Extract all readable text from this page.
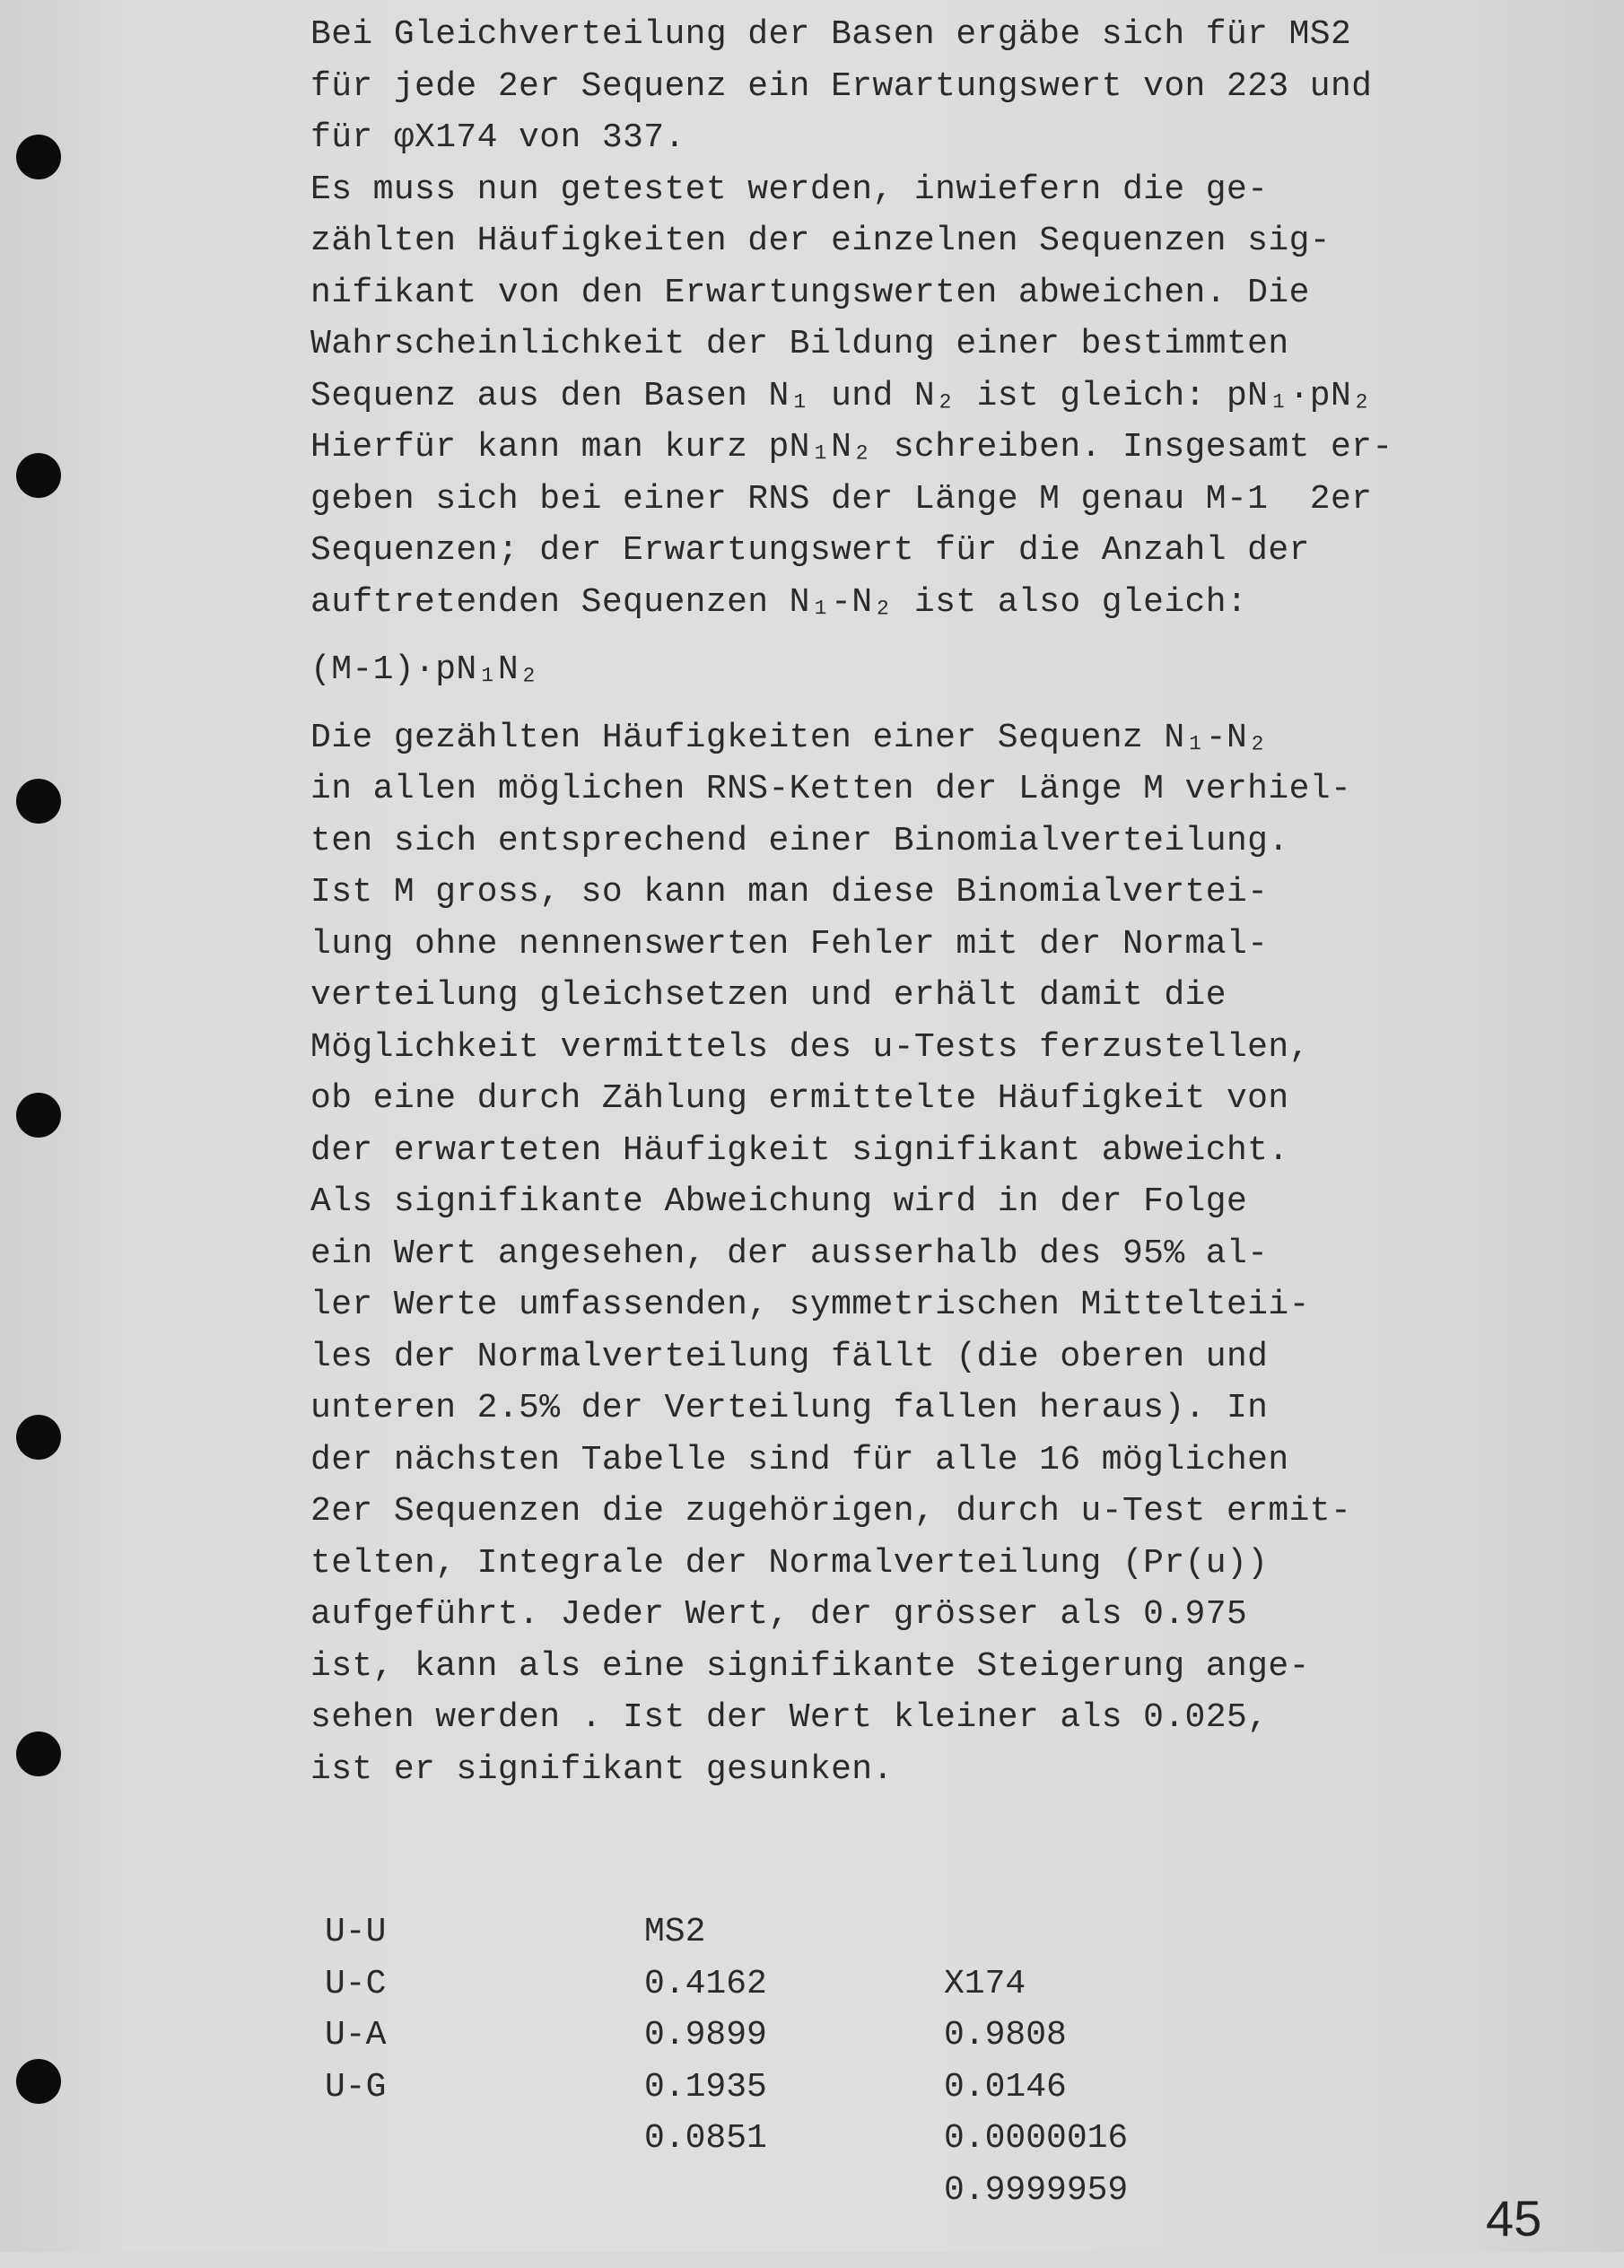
Bei Gleichverteilung der Basen ergäbe sich für MS2
für jede 2er Sequenz ein Erwartungswert von 223 und
für φX174 von 337.
Es muss nun getestet werden, inwiefern die ge-
zählten Häufigkeiten der einzelnen Sequenzen sig-
nifikant von den Erwartungswerten abweichen. Die
Wahrscheinlichkeit der Bildung einer bestimmten
Sequenz aus den Basen N₁ und N₂ ist gleich: pN₁·pN₂
Hierfür kann man kurz pN₁N₂ schreiben. Insgesamt er-
geben sich bei einer RNS der Länge M genau M-1  2er
Sequenzen; der Erwartungswert für die Anzahl der
auftretenden Sequenzen N₁-N₂ ist also gleich:
(M-1)·pN₁N₂
Die gezählten Häufigkeiten einer Sequenz N₁-N₂
in allen möglichen RNS-Ketten der Länge M verhiel-
ten sich entsprechend einer Binomialverteilung.
Ist M gross, so kann man diese Binomialvertei-
lung ohne nennenswerten Fehler mit der Normal-
verteilung gleichsetzen und erhält damit die
Möglichkeit vermittels des u-Tests ferzustellen,
ob eine durch Zählung ermittelte Häufigkeit von
der erwarteten Häufigkeit signifikant abweicht.
Als signifikante Abweichung wird in der Folge
ein Wert angesehen, der ausserhalb des 95% al-
ler Werte umfassenden, symmetrischen Mittelteii-
les der Normalverteilung fällt (die oberen und
unteren 2.5% der Verteilung fallen heraus). In
der nächsten Tabelle sind für alle 16 möglichen
2er Sequenzen die zugehörigen, durch u-Test ermit-
telten, Integrale der Normalverteilung (Pr(u))
aufgeführt. Jeder Wert, der grösser als 0.975
ist, kann als eine signifikante Steigerung ange-
sehen werden . Ist der Wert kleiner als 0.025,
ist er signifikant gesunken.

MS2

X174

U-U

0.4162

0.9808

U-C

0.9899

0.0146

U-A

0.1935

0.0000016

U-G

0.0851

0.9999959

	45
